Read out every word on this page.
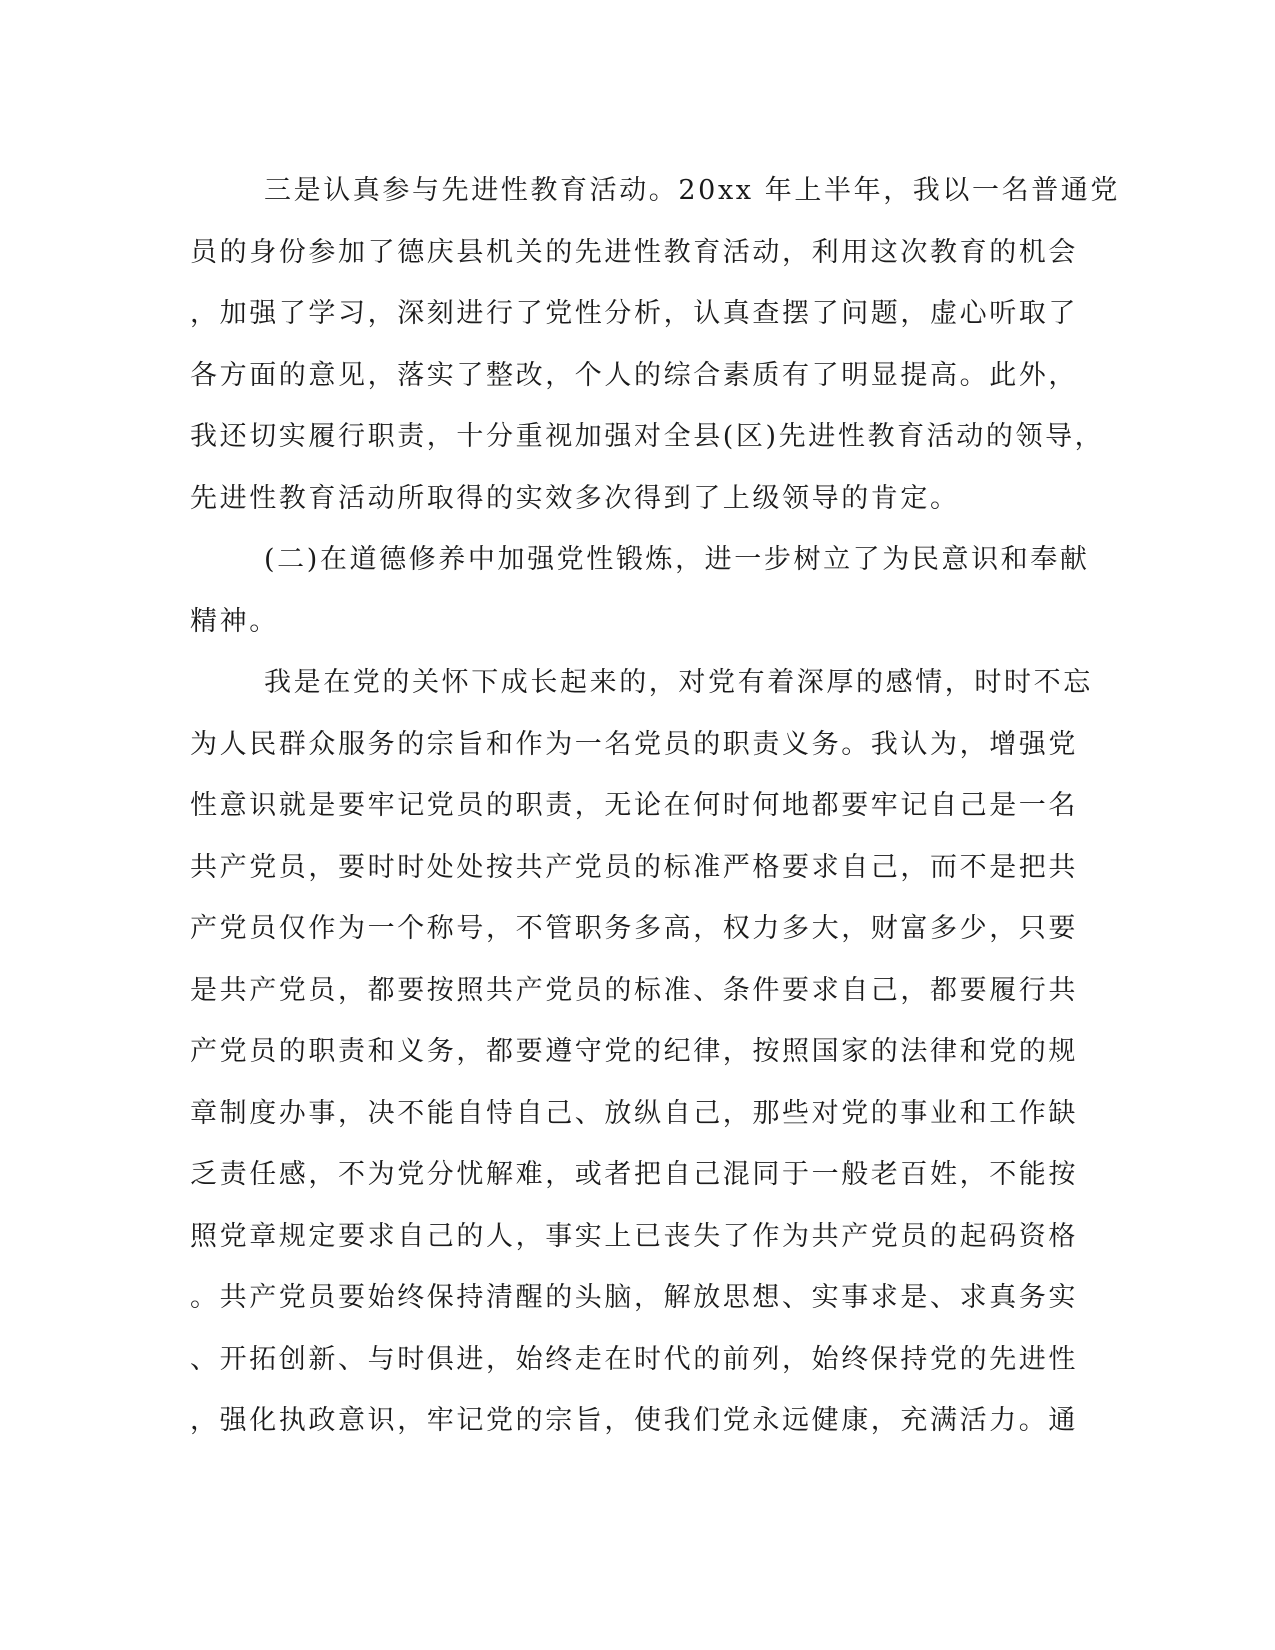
三是认真参与先进性教育活动。20xx 年上半年，我以一名普通党
员的身份参加了德庆县机关的先进性教育活动，利用这次教育的机会
，加强了学习，深刻进行了党性分析，认真查摆了问题，虚心听取了
各方面的意见，落实了整改，个人的综合素质有了明显提高。此外，
我还切实履行职责，十分重视加强对全县(区)先进性教育活动的领导，
先进性教育活动所取得的实效多次得到了上级领导的肯定。
(二)在道德修养中加强党性锻炼，进一步树立了为民意识和奉献
精神。
我是在党的关怀下成长起来的，对党有着深厚的感情，时时不忘
为人民群众服务的宗旨和作为一名党员的职责义务。我认为，增强党
性意识就是要牢记党员的职责，无论在何时何地都要牢记自己是一名
共产党员，要时时处处按共产党员的标准严格要求自己，而不是把共
产党员仅作为一个称号，不管职务多高，权力多大，财富多少，只要
是共产党员，都要按照共产党员的标准、条件要求自己，都要履行共
产党员的职责和义务，都要遵守党的纪律，按照国家的法律和党的规
章制度办事，决不能自恃自己、放纵自己，那些对党的事业和工作缺
乏责任感，不为党分忧解难，或者把自己混同于一般老百姓，不能按
照党章规定要求自己的人，事实上已丧失了作为共产党员的起码资格
。共产党员要始终保持清醒的头脑，解放思想、实事求是、求真务实
、开拓创新、与时俱进，始终走在时代的前列，始终保持党的先进性
，强化执政意识，牢记党的宗旨，使我们党永远健康，充满活力。通
